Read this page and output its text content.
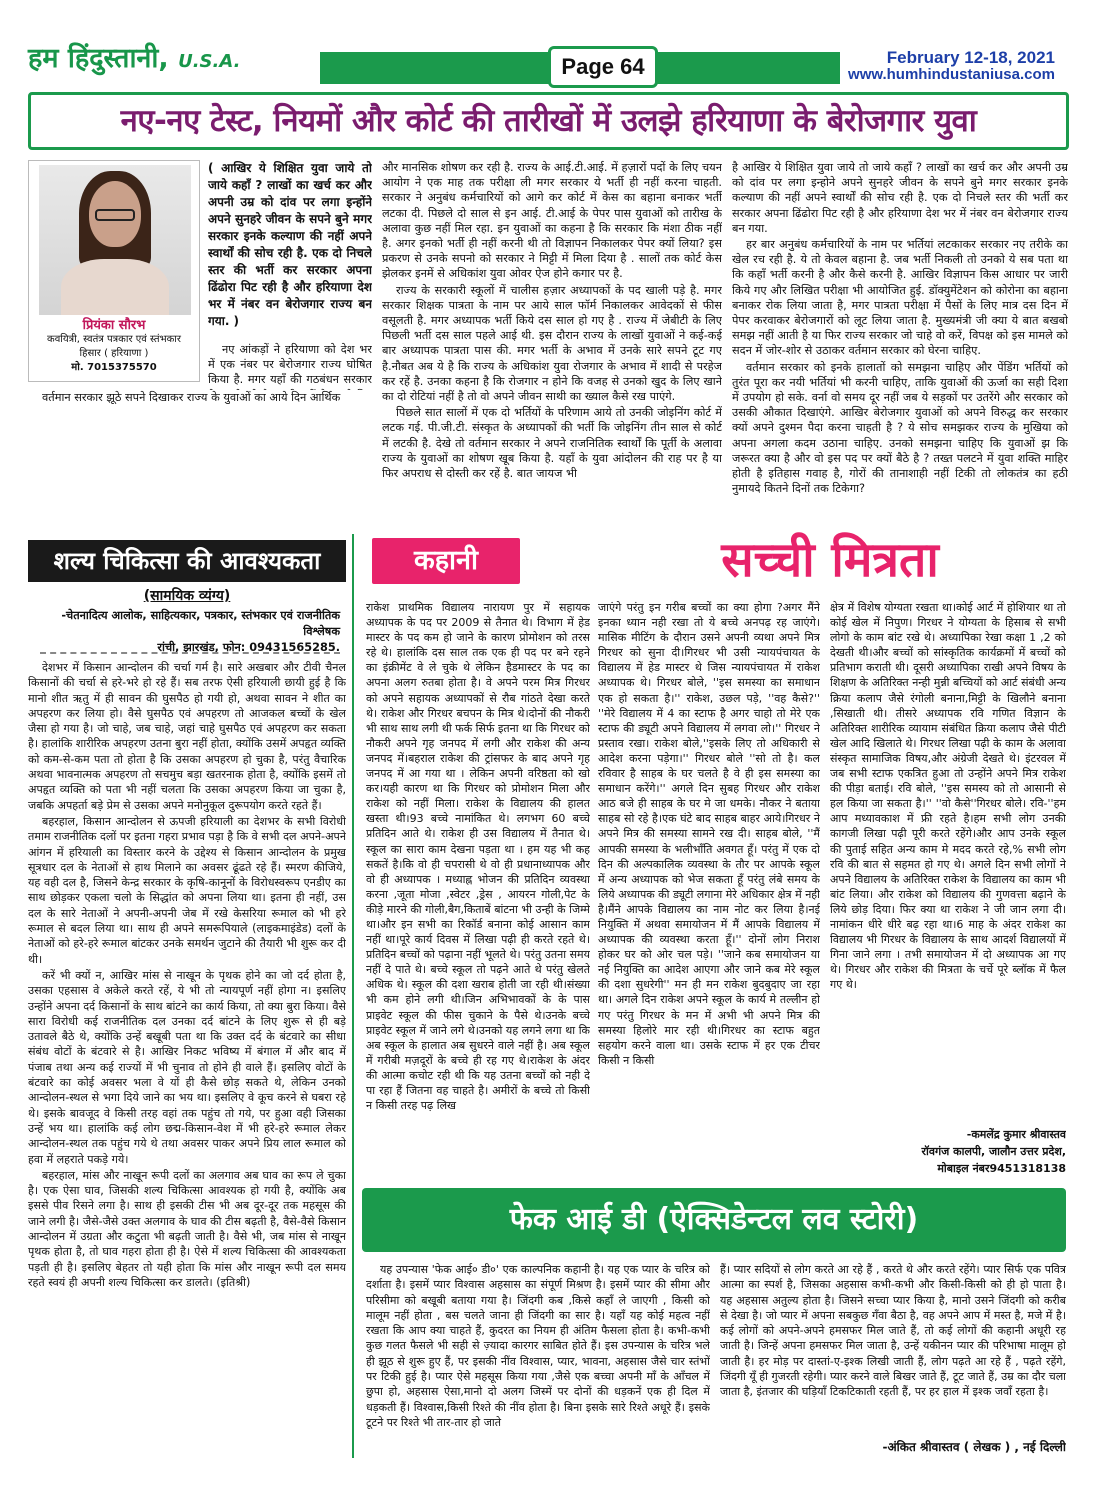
हम हिंदुस्तानी, U.S.A.	Page 64	February 12-18, 2021
www.humhindustaniusa.com
नए-नए टेस्ट, नियमों और कोर्ट की तारीखों में उलझे हरियाणा के बेरोजगार युवा
प्रियंका सौरभ
कवयित्री, स्वतंत्र पत्रकार एवं स्तंभकार
हिसार ( हरियाणा )
मो. 7015375570
( आखिर ये शिक्षित युवा जाये तो जाये कहाँ ? लाखों का खर्च कर और अपनी उम्र को दांव पर लगा इन्होंने अपने सुनहरे जीवन के सपने बुने मगर सरकार इनके कल्याण की नहीं अपने स्वार्थों की सोच रही है. एक दो निचले स्तर की भर्ती कर सरकार अपना ढिंढोरा पिट रही है और हरियाणा देश भर में नंबर वन बेरोजगार राज्य बन गया. )

नए आंकड़ों ने हरियाणा को देश भर में एक नंबर पर बेरोजगार राज्य घोषित किया है. मगर यहाँ की गठबंधन सरकार

वर्तमान सरकार झूठे सपने दिखाकर राज्य के युवाओं का आये दिन आर्थिक

और मानसिक शोषण कर रही है. राज्य के आई.टी.आई. में हज़ारों पदों के लिए चयन आयोग ने एक माह तक परीक्षा ली मगर सरकार ये भर्ती ही नहीं करना चाहती. सरकार ने अनुबंध कर्मचारियों को आगे कर कोर्ट में केस का बहाना बनाकर भर्ती लटका दी. पिछले दो साल से इन आई. टी.आई के पेपर पास युवाओं को तारीख के अलावा कुछ नहीं मिल रहा. इन युवाओं का कहना है कि सरकार कि मंशा ठीक नहीं है. अगर इनको भर्ती ही नहीं करनी थी तो विज्ञापन निकालकर पेपर क्यों लिया? इस प्रकरण से उनके सपनो को सरकार ने मिट्टी में मिला दिया है . सालों तक कोर्ट केस झेलकर इनमें से अधिकांश युवा ओवर ऐज होने कगार पर है.

राज्य के सरकारी स्कूलों में चालीस हज़ार अध्यापकों के पद खाली पड़े है. मगर सरकार शिक्षक पात्रता के नाम पर आये साल फॉर्म निकालकर आवेदकों से फीस वसूलती है. मगर अध्यापक भर्ती किये दस साल हो गए है . राज्य में जेबीटी के लिए पिछली भर्ती दस साल पहले आई थी. इस दौरान राज्य के लाखों युवाओं ने कई-कई बार अध्यापक पात्रता पास की. मगर भर्ती के अभाव में उनके सारे सपने टूट गए है.नौबत अब ये है कि राज्य के अधिकांश युवा रोजगार के अभाव में शादी से परहेज कर रहें है. उनका कहना है कि रोजगार न होने कि वजह से उनको खुद के लिए खाने का दो रोटियां नहीं है तो वो अपने जीवन साथी का ख्याल कैसे रख पाएंगे.

पिछले सात सालों में एक दो भर्तियों के परिणाम आये तो उनकी जोइनिंग कोर्ट में लटक गई. पी.जी.टी. संस्कृत के अध्यापकों की भर्ती कि जोइनिंग तीन साल से कोर्ट में लटकी है. देखे तो वर्तमान सरकार ने अपने राजनितिक स्वार्थों कि पूर्ती के अलावा राज्य के युवाओं का शोषण खूब किया है. यहाँ के युवा आंदोलन की राह पर है या फिर अपराध से दोस्ती कर रहें है. बात जायज भी

है आखिर ये शिक्षित युवा जाये तो जाये कहाँ ? लाखों का खर्च कर और अपनी उम्र को दांव पर लगा इन्होने अपने सुनहरे जीवन के सपने बुने मगर सरकार इनके कल्याण की नहीं अपने स्वार्थों की सोच रही है. एक दो निचले स्तर की भर्ती कर सरकार अपना ढिंढोरा पिट रही है और हरियाणा देश भर में नंबर वन बेरोजगार राज्य बन गया.

हर बार अनुबंध कर्मचारियों के नाम पर भर्तियां लटकाकर सरकार नए तरीके का खेल रच रही है. ये तो केवल बहाना है. जब भर्ती निकली तो उनको ये सब पता था कि कहाँ भर्ती करनी है और कैसे करनी है. आखिर विज्ञापन किस आधार पर जारी किये गए और लिखित परीक्षा भी आयोजित हुई. डॉक्युमेंटेशन को कोरोना का बहाना बनाकर रोक लिया जाता है, मगर पात्रता परीक्षा में पैसों के लिए मात्र दस दिन में पेपर करवाकर बेरोजगारों को लूट लिया जाता है. मुख्यमंत्री जी क्या ये बात बखबो समझ नहीं आती है या फिर राज्य सरकार जो चाहे वो करें, विपक्ष को इस मामले को सदन में जोर-शोर से उठाकर वर्तमान सरकार को घेरना चाहिए.

वर्तमान सरकार को इनके हालातों को समझना चाहिए और पेंडिंग भर्तियों को तुरंत पूरा कर नयी भर्तियां भी करनी चाहिए, ताकि युवाओं की ऊर्जा का सही दिशा में उपयोग हो सके. वर्ना वो समय दूर नहीं जब ये सड़कों पर उतरेंगे और सरकार को उसकी औकात दिखाएंगे. आखिर बेरोजगार युवाओं को अपने विरुद्ध कर सरकार क्यों अपने दुश्मन पैदा करना चाहती है ? ये सोच समझकर राज्य के मुखिया को अपना अगला कदम उठाना चाहिए. उनको समझना चाहिए कि युवाओं झ कि जरूरत क्या है और वो इस पद पर क्यों बैठे है ? तख्त पलटने में युवा शक्ति माहिर होती है इतिहास गवाह है, गोरों की तानाशाही नहीं टिकी तो लोकतंत्र का हठी नुमायदे कितने दिनों तक टिकेगा?

शल्य चिकित्सा की आवश्यकता
(सामयिक व्यंग्य)
-चेतनादित्य आलोक, साहित्यकार, पत्रकार, स्तंभकार एवं राजनीतिक विश्लेषक
रांची, झारखंड, फोन: 09431565285.

देशभर में किसान आन्दोलन की चर्चा गर्म है। सारे अखबार और टीवी चैनल किसानों की चर्चा से हरे-भरे हो रहे हैं। सब तरफ ऐसी हरियाली छायी हुई है कि मानो शीत ऋतु में ही सावन की घुसपैठ हो गयी हो, अथवा सावन ने शीत का अपहरण कर लिया हो। वैसे घुसपैठ एवं अपहरण तो आजकल बच्चों के खेल जैसा हो गया है। जो चाहे, जब चाहे, जहां चाहे घुसपैठ एवं अपहरण कर सकता है। हालांकि शारीरिक अपहरण उतना बुरा नहीं होता, क्योंकि उसमें अपहृत व्यक्ति को कम-से-कम पता तो होता है कि उसका अपहरण हो चुका है, परंतु वैचारिक अथवा भावनात्मक अपहरण तो सचमुच बड़ा खतरनाक होता है, क्योंकि इसमें तो अपहृत व्यक्ति को पता भी नहीं चलता कि उसका अपहरण किया जा चुका है, जबकि अपहर्ता बड़े प्रेम से उसका अपने मनोनुकूल दुरूपयोग करते रहते हैं।

बहरहाल, किसान आन्दोलन से ऊपजी हरियाली का देशभर के सभी विरोधी तमाम राजनीतिक दलों पर इतना गहरा प्रभाव पड़ा है कि वे सभी दल अपने-अपने आंगन में हरियाली का विस्तार करने के उद्देश्य से किसान आन्दोलन के प्रमुख सूत्रधार दल के नेताओं से हाथ मिलाने का अवसर ढूंढते रहे हैं। स्मरण कीजिये, यह वही दल है, जिसने केन्द्र सरकार के कृषि-कानूनों के विरोधस्वरूप एनडीए का साथ छोड़कर एकला चलो के सिद्धांत को अपना लिया था। इतना ही नहीं, उस दल के सारे नेताओं ने अपनी-अपनी जेब में रखे केसरिया रूमाल को भी हरे रूमाल से बदल लिया था। साथ ही अपने समरूपियाले (लाइकमाइंडेड) दलों के नेताओं को हरे-हरे रूमाल बांटकर उनके समर्थन जुटाने की तैयारी भी शुरू कर दी थी।

करें भी क्यों न, आखिर मांस से नाखून के पृथक होने का जो दर्द होता है, उसका एहसास वे अकेले करते रहें, ये भी तो न्यायपूर्ण नहीं होगा न। इसलिए उन्होंने अपना दर्द किसानों के साथ बांटने का कार्य किया, तो क्या बुरा किया। वैसे सारा विरोधी कई राजनीतिक दल उनका दर्द बांटने के लिए शुरू से ही बड़े उतावले बैठे थे, क्योंकि उन्हें बखूबी पता था कि उक्त दर्द के बंटवारे का सीधा संबंध वोटों के बंटवारे से है। आखिर निकट भविष्य में बंगाल में और बाद में पंजाब तथा अन्य कई राज्यों में भी चुनाव तो होने ही वाले हैं। इसलिए वोटों के बंटवारे का कोई अवसर भला वे यों ही कैसे छोड़ सकते थे, लेकिन उनको आन्दोलन-स्थल से भगा दिये जाने का भय था। इसलिए वे कूच करने से घबरा रहे थे। इसके बावजूद वे किसी तरह वहां तक पहुंच तो गये, पर हुआ वही जिसका उन्हें भय था। हालांकि कई लोग छद्म-किसान-वेश में भी हरे-हरे रूमाल लेकर आन्दोलन-स्थल तक पहुंच गये थे तथा अवसर पाकर अपने प्रिय लाल रूमाल को हवा में लहराते पकड़े गये।

बहरहाल, मांस और नाखून रूपी दलों का अलगाव अब घाव का रूप ले चुका है। एक ऐसा घाव, जिसकी शल्य चिकित्सा आवश्यक हो गयी है, क्योंकि अब इससे पीव रिसने लगा है। साथ ही इसकी टीस भी अब दूर-दूर तक महसूस की जाने लगी है। जैसे-जैसे उक्त अलगाव के घाव की टीस बढ़ती है, वैसे-वैसे किसान आन्दोलन में उग्रता और कटुता भी बढ़ती जाती है। वैसे भी, जब मांस से नाखून पृथक होता है, तो घाव गहरा होता ही है। ऐसे में शल्य चिकित्सा की आवश्यकता पड़ती ही है। इसलिए बेहतर तो यही होता कि मांस और नाखून रूपी दल समय रहते स्वयं ही अपनी शल्य चिकित्सा कर डालते। (इतिश्री)

कहानी	सच्ची मित्रता

राकेश प्राथमिक विद्यालय नारायण पुर में सहायक अध्यापक के पद पर 2009 से तैनात थे। विभाग में हेड मास्टर के पद कम हो जाने के कारण प्रोमोशन को तरस रहे थे। हालांकि दस साल तक एक ही पद पर बने रहने का इंक्रीमेंट वे ले चुके थे लेकिन हैडमास्टर के पद का अपना अलग रुतबा होता है। वे अपने परम मित्र गिरधर को अपने सहायक अध्यापकों से रौब गांठते देखा करते थे। राकेश और गिरधर बचपन के मित्र थे।दोनों की नौकरी भी साथ साथ लगी थी फर्क सिर्फ इतना था कि गिरधर को नौकरी अपने गृह जनपद में लगी और राकेश की अन्य जनपद में।बहराल राकेश की ट्रांसफर के बाद अपने गृह जनपद में आ गया था । लेकिन अपनी वरिष्ठता को खो कर।यही कारण था कि गिरधर को प्रोमोशन मिला और राकेश को नहीं मिला। राकेश के विद्यालय की हालत खस्ता थी।93 बच्चे नामांकित थे। लगभग 60 बच्चे प्रतिदिन आते थे। राकेश ही उस विद्यालय में तैनात थे। स्कूल का सारा काम देखना पड़ता था । हम यह भी कह सकतें है।कि वो ही चपरासी थे वो ही प्रधानाध्यापक और वो ही अध्यापक । मध्याह्न भोजन की प्रतिदिन व्यवस्था करना ,जूता मोजा ,स्वेटर ,ड्रेस , आयरन गोली,पेट के कीड़े मारने की गोली,बैग,किताबें बांटना भी उन्ही के जिम्मे था।और इन सभी का रिकॉर्ड बनाना कोई आसान काम नहीं था।पूरे कार्य दिवस में लिखा पढ़ी ही करते रहते थे। प्रतिदिन बच्चों को पढ़ाना नहीं भूलते थे। परंतु उतना समय नहीं दे पाते थे। बच्चे स्कूल तो पढ़ने आते थे परंतु खेलते अधिक थे। स्कूल की दशा खराब होती जा रही थी।संख्या भी कम होने लगी थी।जिन अभिभावकों के के पास प्राइवेट स्कूल की फीस चुकाने के पैसे थे।उनके बच्चे प्राइवेट स्कूल में जाने लगे थे।उनको यह लगने लगा था कि अब स्कूल के हालात अब सुधरने वाले नहीं है। अब स्कूल में गरीबी मज़दूरों के बच्चे ही रह गए थे।राकेश के अंदर की आत्मा कचोट रही थी कि यह उतना बच्चों को नही दे पा रहा हैं जितना वह चाहते है। अमीरों के बच्चे तो किसी न किसी तरह पढ़ लिख

जाएंगे परंतु इन गरीब बच्चों का क्या होगा ?अगर मैंने इनका ध्यान नही रखा तो ये बच्चे अनपढ़ रह जाएंगे। मासिक मीटिंग के दौरान उसने अपनी व्यथा अपने मित्र गिरधर को सुना दी।गिरधर भी उसी न्यायपंचायत के विद्यालय में हेड मास्टर थे जिस न्यायपंचायत में राकेश अध्यापक थे। गिरधर बोले, ''इस समस्या का समाधान एक हो सकता है।'' राकेश, उछल पड़े, ''वह कैसे?'' ''मेरे विद्यालय में 4 का स्टाफ है अगर चाहो तो मेरे एक स्टाफ की ड्यूटी अपने विद्यालय में लगवा लो।'' गिरधर ने प्रस्ताव रखा। राकेश बोले,''इसके लिए तो अधिकारी से आदेश करना पड़ेगा।'' गिरधर बोले ''सो तो है। कल रविवार है साहब के घर चलते है वे ही इस समस्या का समाधान करेंगे।'' अगले दिन सुबह गिरधर और राकेश आठ बजे ही साहब के घर मे जा धमके। नौकर ने बताया साहब सो रहे है।एक घंटे बाद साहब बाहर आये।गिरधर ने अपने मित्र की समस्या सामने रख दी। साहब बोले, ''मैं आपकी समस्या के भलीभाँति अवगत हूँ। परंतु में एक दो दिन की अल्पकालिक व्यवस्था के तौर पर आपके स्कूल में अन्य अध्यापक को भेज सकता हूँ परंतु लंबे समय के लिये अध्यापक की ड्यूटी लगाना मेरे अधिकार क्षेत्र में नही है।मैंने आपके विद्यालय का नाम नोट कर लिया है।नई नियुक्ति में अथवा समायोजन में मैं आपके विद्यालय में अध्यापक की व्यवस्था करता हूँ।'' दोनों लोग निराश होकर घर को ओर चल पड़े। ''जाने कब समायोजन या नई नियुक्ति का आदेश आएगा और जाने कब मेरे स्कूल की दशा सुधरेगी'' मन ही मन राकेश बुदबुदाए जा रहा था। अगले दिन राकेश अपने स्कूल के कार्य मे तल्लीन हो गए परंतु गिरधर के मन में अभी भी अपने मित्र की समस्या हिलोरे मार रही थी।गिरधर का स्टाफ बहुत सहयोग करने वाला था। उसके स्टाफ में हर एक टीचर किसी न किसी

क्षेत्र में विशेष योग्यता रखता था।कोई आर्ट में होशियार था तो कोई खेल में निपुण। गिरधर ने योग्यता के हिसाब से सभी लोगो के काम बांट रखे थे। अध्यापिका रेखा कक्षा 1 ,2 को देखती थी।और बच्चों को सांस्कृतिक कार्यक्रमों में बच्चों को प्रतिभाग कराती थी। दूसरी अध्यापिका राखी अपने विषय के शिक्षण के अतिरिक्त नन्ही मुन्नी बच्चियों को आर्ट संबंधी अन्य क्रिया कलाप जैसे रंगोली बनाना,मिट्टी के खिलौने बनाना ,सिखाती थी। तीसरे अध्यापक रवि गणित विज्ञान के अतिरिक्त शारीरिक व्यायाम संबंधित क्रिया कलाप जैसे पीटी खेल आदि खिलाते थे। गिरधर लिखा पढ़ी के काम के अलावा संस्कृत सामाजिक विषय,और अंग्रेजी देखते थे। इंटरवल में जब सभी स्टाफ एकत्रित हुआ तो उन्होंने अपने मित्र राकेश की पीड़ा बताई। रवि बोले, ''इस समस्य को तो आसानी से हल किया जा सकता है।'' ''वो कैसे''गिरधर बोले। रवि-''हम आप मध्यावकाश में फ्री रहते है।हम सभी लोग उनकी कागजी लिखा पढ़ी पूरी करते रहेंगे।और आप उनके स्कूल की पुताई सहित अन्य काम मे मदद करते रहे,% सभी लोग रवि की बात से सहमत हो गए थे। अगले दिन सभी लोगों ने अपने विद्यालय के अतिरिक्त राकेश के विद्यालय का काम भी बांट लिया। और राकेश को विद्यालय की गुणवत्ता बढ़ाने के लिये छोड़ दिया। फिर क्या था राकेश ने जी जान लगा दी।नामांकन धीरे धीरे बढ़ रहा था।6 माह के अंदर राकेश का विद्यालय भी गिरधर के विद्यालय के साथ आदर्श विद्यालयों में गिना जाने लगा । तभी समायोजन में दो अध्यापक आ गए थे। गिरधर और राकेश की मित्रता के चर्चे पूरे ब्लॉक में फैल गए थे।

-कमलेंद्र कुमार श्रीवास्तव
रॉवगंज कालपी, जालौन उत्तर प्रदेश,
मोबाइल नंबर9451318138
फेक आई डी (ऐक्सिडेन्टल लव स्टोरी)

यह उपन्यास 'फेक आई० डी०' एक काल्पनिक कहानी है। यह एक प्यार के चरित्र को दर्शाता है। इसमें प्यार विश्वास अहसास का संपूर्ण मिश्रण है। इसमें प्यार की सीमा और परिसीमा को बखूबी बताया गया है। जिंदगी कब ,किसे कहाँ ले जाएगी , किसी को मालूम नहीं होता , बस चलते जाना ही जिंदगी का सार है। यहाँ यह कोई महत्व नहीं रखता कि आप क्या चाहते हैं, कुदरत का नियम ही अंतिम फैसला होता है। कभी-कभी कुछ गलत फैसले भी सही से ज़्यादा कारगर साबित होते हैं। इस उपन्यास के चरित्र भले ही झूठ से शुरू हुए हैं, पर इसकी नींव विश्वास, प्यार, भावना, अहसास जैसे चार स्तंभों पर टिकी हुई है। प्यार ऐसे महसूस किया गया ,जैसे एक बच्चा अपनी माँ के आँचल में छुपा हो, अहसास ऐसा,मानो दो अलग जिस्में पर दोनों की धड़कनें एक ही दिल में धड़कती हैं। विश्वास,किसी रिश्ते की नींव होता है। बिना इसके सारे रिश्ते अधूरे हैं। इसके टूटने पर रिश्ते भी तार-तार हो जाते

हैं। प्यार सदियों से लोग करते आ रहे हैं , करते थे और करते रहेंगे। प्यार सिर्फ एक पवित्र आत्मा का स्पर्श है, जिसका अहसास कभी-कभी और किसी-किसी को ही हो पाता है। यह अहसास अतुल्य होता है। जिसने सच्चा प्यार किया है, मानो उसने जिंदगी को करीब से देखा है। जो प्यार में अपना सबकुछ गँवा बैठा है, वह अपने आप में मस्त है, मजे में है। कई लोगों को अपने-अपने हमसफर मिल जाते हैं, तो कई लोगों की कहानी अधूरी रह जाती है। जिन्हें अपना हमसफर मिल जाता है, उन्हें यकीनन प्यार की परिभाषा मालूम हो जाती है। हर मोड़ पर दास्तां-ए-इश्क लिखी जाती हैं, लोग पढ़ते आ रहे हैं , पढ़ते रहेंगे, जिंदगी यूँ ही गुजरती रहेगी। प्यार करने वाले बिखर जाते हैं, टूट जाते हैं, उम्र का दौर चला जाता है, इंतजार की घड़ियाँ टिकटिकाती रहती हैं, पर हर हाल में इश्क जवाँ रहता है।

-अंकित श्रीवास्तव ( लेखक ) , नई दिल्ली
